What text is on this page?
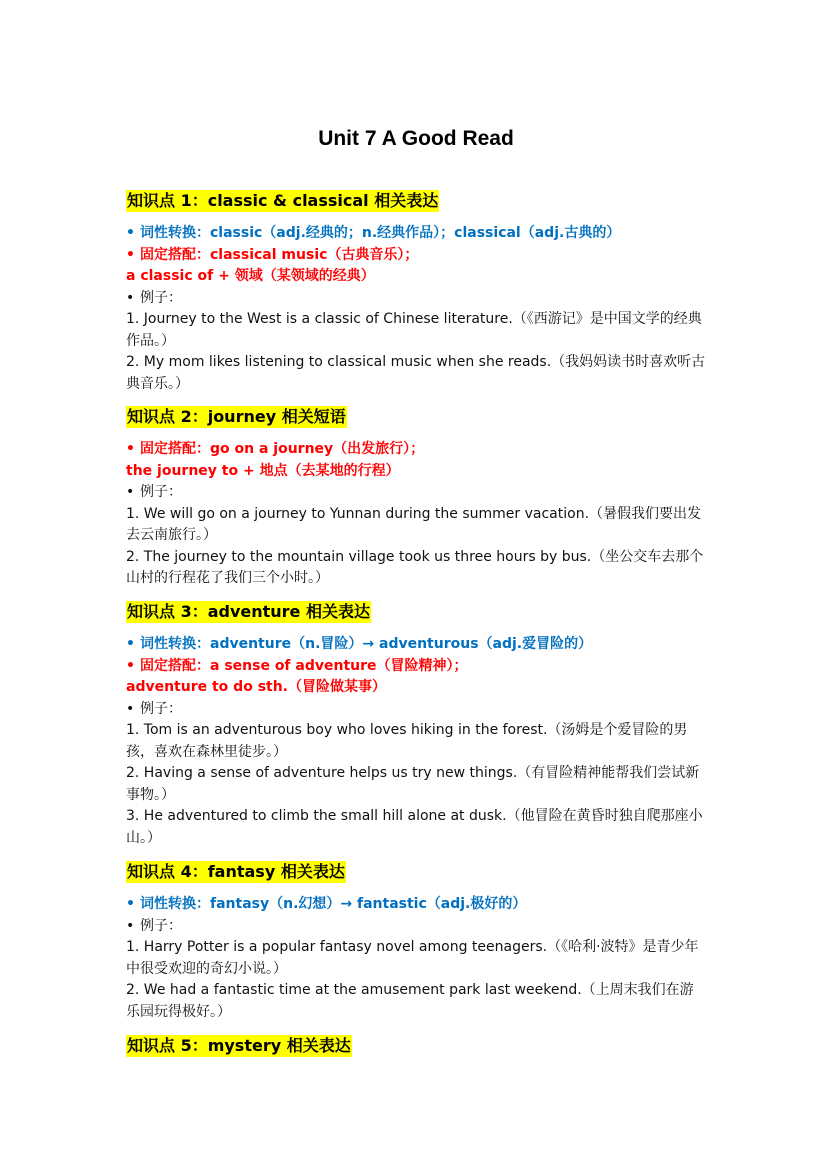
Unit 7 A Good Read
知识点 1：classic & classical 相关表达
• 词性转换：classic（adj.经典的；n.经典作品）；classical（adj.古典的）
• 固定搭配：classical music（古典音乐）；
a classic of + 领域（某领域的经典）
• 例子：
1. Journey to the West is a classic of Chinese literature.（《西游记》是中国文学的经典作品。）
2. My mom likes listening to classical music when she reads.（我妈妈读书时喜欢听古典音乐。）
知识点 2：journey 相关短语
• 固定搭配：go on a journey（出发旅行）；
the journey to + 地点（去某地的行程）
• 例子：
1. We will go on a journey to Yunnan during the summer vacation.（暑假我们要出发去云南旅行。）
2. The journey to the mountain village took us three hours by bus.（坐公交车去那个山村的行程花了我们三个小时。）
知识点 3：adventure 相关表达
• 词性转换：adventure（n.冒险）→ adventurous（adj.爱冒险的）
• 固定搭配：a sense of adventure（冒险精神）；
adventure to do sth.（冒险做某事）
• 例子：
1. Tom is an adventurous boy who loves hiking in the forest.（汤姆是个爱冒险的男孩，喜欢在森林里徒步。）
2. Having a sense of adventure helps us try new things.（有冒险精神能帮我们尝试新事物。）
3. He adventured to climb the small hill alone at dusk.（他冒险在黄昏时独自爬那座小山。）
知识点 4：fantasy 相关表达
• 词性转换：fantasy（n.幻想）→ fantastic（adj.极好的）
• 例子：
1. Harry Potter is a popular fantasy novel among teenagers.（《哈利·波特》是青少年中很受欢迎的奇幻小说。）
2. We had a fantastic time at the amusement park last weekend.（上周末我们在游乐园玩得极好。）
知识点 5：mystery 相关表达
